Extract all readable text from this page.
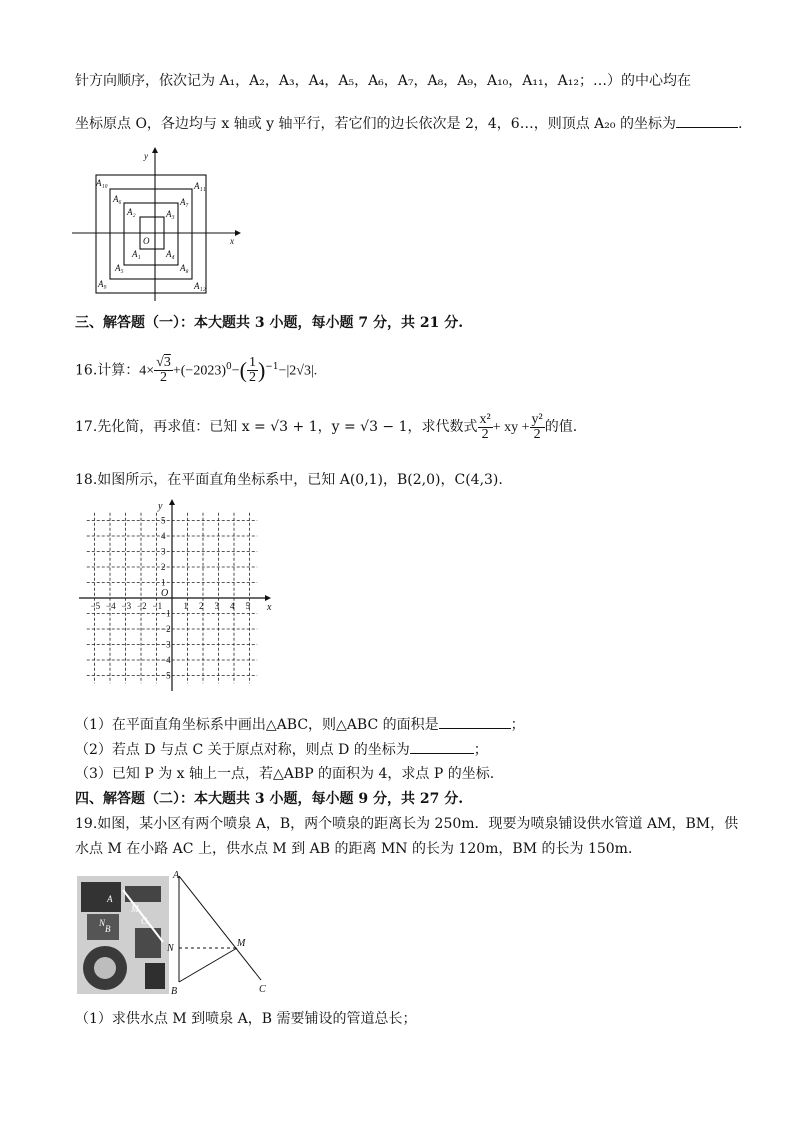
针方向顺序，依次记为 A₁，A₂，A₃，A₄，A₅，A₆，A₇，A₈，A₉，A₁₀，A₁₁，A₁₂；…）的中心均在
坐标原点 O，各边均与 x 轴或 y 轴平行，若它们的边长依次是 2，4，6…，则顶点 A₂₀ 的坐标为	.
y
x
A₁₀	A₁₁
A₆	A₇
A₂	A₃
O
A₁	A₄
A₅	A₈
A₉	A₁₂
三、解答题（一）：本大题共 3 小题，每小题 7 分，共 21 分.
16.计算：$4\times \frac{√3}{2} +(-2023)^0-( \frac{1}{2} )^{-1}-|2√3|$.
17.先化简，再求值：已知 x = √3 + 1，y = √3 − 1，求代数式 $\frac{\text{x²}}{2}$ + xy + $\frac{\text{y²}}{2}$ 的值.
18.如图所示，在平面直角坐标系中，已知 A(0,1)，B(2,0)，C(4,3).
x
y
O
−5 −4 −3 −2 −1 1 2 3 4 5
5
4
3
2
1
−1
−2
−3
−4
−5
（1）在平面直角坐标系中画出△ABC，则△ABC 的面积是	；
（2）若点 D 与点 C 关于原点对称，则点 D 的坐标为	；
（3）已知 P 为 x 轴上一点，若△ABP 的面积为 4，求点 P 的坐标.
四、解答题（二）：本大题共 3 小题，每小题 9 分，共 27 分.
19.如图，某小区有两个喷泉 A，B，两个喷泉的距离长为 250m．现要为喷泉铺设供水管道 AM，BM，供
水点 M 在小路 AC 上，供水点 M 到 AB 的距离 MN 的长为 120m，BM 的长为 150m．
A
M
C
B
N
A
N	M
B	C
（1）求供水点 M 到喷泉 A，B 需要铺设的管道总长；
